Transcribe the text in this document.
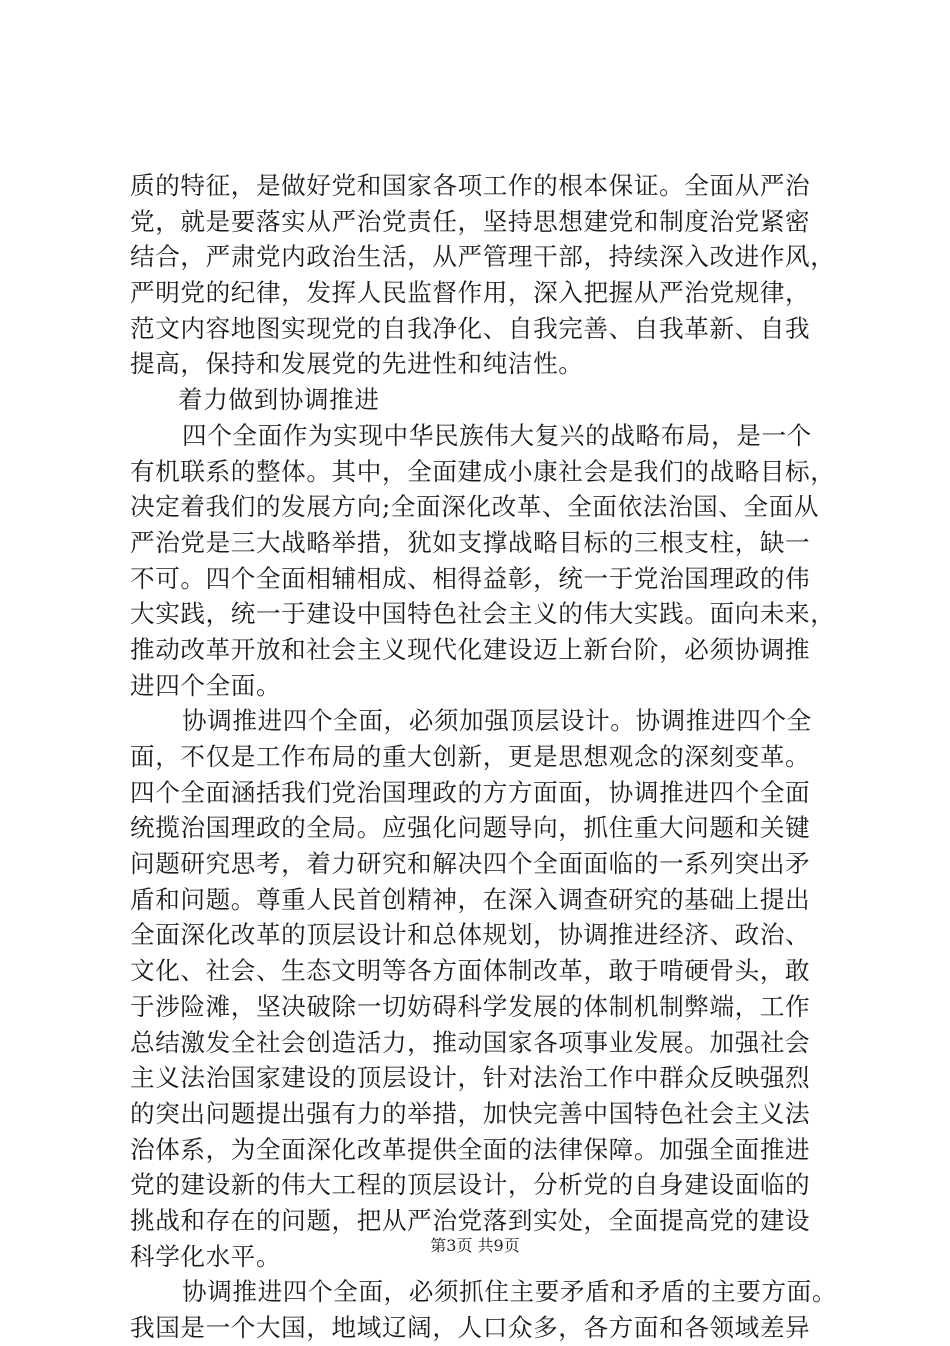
质的特征，是做好党和国家各项工作的根本保证。全面从严治
党，就是要落实从严治党责任，坚持思想建党和制度治党紧密
结合，严肃党内政治生活，从严管理干部，持续深入改进作风，
严明党的纪律，发挥人民监督作用，深入把握从严治党规律，
范文内容地图实现党的自我净化、自我完善、自我革新、自我
提高，保持和发展党的先进性和纯洁性。
着力做到协调推进
四个全面作为实现中华民族伟大复兴的战略布局，是一个
有机联系的整体。其中，全面建成小康社会是我们的战略目标，
决定着我们的发展方向;全面深化改革、全面依法治国、全面从
严治党是三大战略举措，犹如支撑战略目标的三根支柱，缺一
不可。四个全面相辅相成、相得益彰，统一于党治国理政的伟
大实践，统一于建设中国特色社会主义的伟大实践。面向未来，
推动改革开放和社会主义现代化建设迈上新台阶，必须协调推
进四个全面。
协调推进四个全面，必须加强顶层设计。协调推进四个全
面，不仅是工作布局的重大创新，更是思想观念的深刻变革。
四个全面涵括我们党治国理政的方方面面，协调推进四个全面
统揽治国理政的全局。应强化问题导向，抓住重大问题和关键
问题研究思考，着力研究和解决四个全面面临的一系列突出矛
盾和问题。尊重人民首创精神，在深入调查研究的基础上提出
全面深化改革的顶层设计和总体规划，协调推进经济、政治、
文化、社会、生态文明等各方面体制改革，敢于啃硬骨头，敢
于涉险滩，坚决破除一切妨碍科学发展的体制机制弊端，工作
总结激发全社会创造活力，推动国家各项事业发展。加强社会
主义法治国家建设的顶层设计，针对法治工作中群众反映强烈
的突出问题提出强有力的举措，加快完善中国特色社会主义法
治体系，为全面深化改革提供全面的法律保障。加强全面推进
党的建设新的伟大工程的顶层设计，分析党的自身建设面临的
挑战和存在的问题，把从严治党落到实处，全面提高党的建设
科学化水平。
协调推进四个全面，必须抓住主要矛盾和矛盾的主要方面。
我国是一个大国，地域辽阔，人口众多，各方面和各领域差异
第3页 共9页
